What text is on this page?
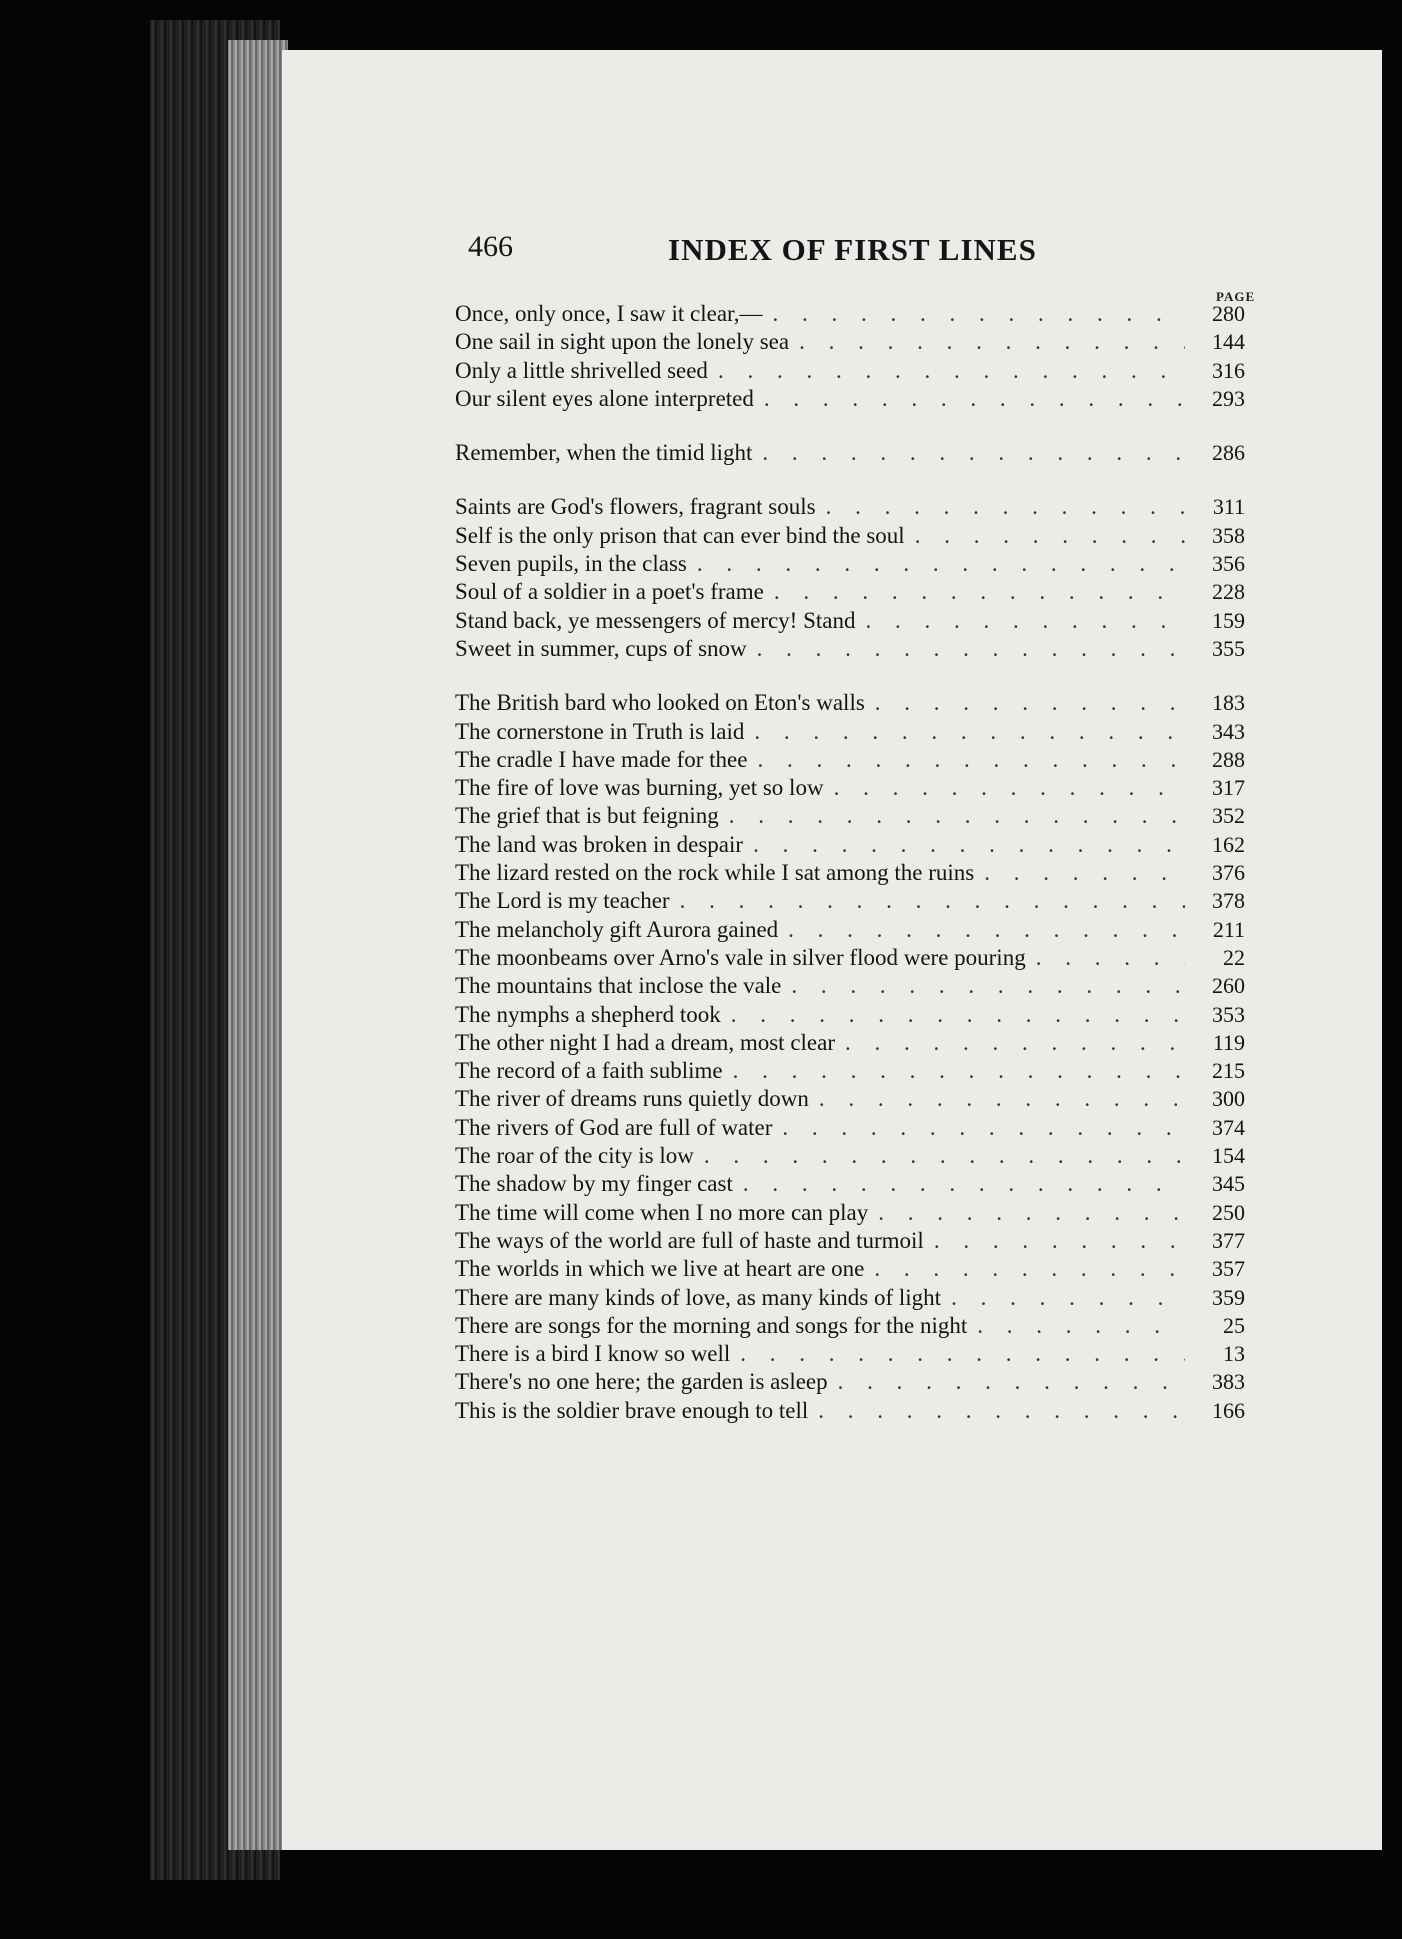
466	INDEX OF FIRST LINES
PAGE
Once, only once, I saw it clear,— . . .	280
One sail in sight upon the lonely sea . . .	144
Only a little shrivelled seed . . .	316
Our silent eyes alone interpreted . . .	293
Remember, when the timid light . . .	286
Saints are God's flowers, fragrant souls . . .	311
Self is the only prison that can ever bind the soul . . .	358
Seven pupils, in the class . . .	356
Soul of a soldier in a poet's frame . . .	228
Stand back, ye messengers of mercy! Stand . . .	159
Sweet in summer, cups of snow . . .	355
The British bard who looked on Eton's walls . . .	183
The cornerstone in Truth is laid . . .	343
The cradle I have made for thee . . .	288
The fire of love was burning, yet so low . . .	317
The grief that is but feigning . . .	352
The land was broken in despair . . .	162
The lizard rested on the rock while I sat among the ruins . . .	376
The Lord is my teacher . . .	378
The melancholy gift Aurora gained . . .	211
The moonbeams over Arno's vale in silver flood were pouring . . .	22
The mountains that inclose the vale . . .	260
The nymphs a shepherd took . . .	353
The other night I had a dream, most clear . . .	119
The record of a faith sublime . . .	215
The river of dreams runs quietly down . . .	300
The rivers of God are full of water . . .	374
The roar of the city is low . . .	154
The shadow by my finger cast . . .	345
The time will come when I no more can play . . .	250
The ways of the world are full of haste and turmoil . . .	377
The worlds in which we live at heart are one . . .	357
There are many kinds of love, as many kinds of light . . .	359
There are songs for the morning and songs for the night . . .	25
There is a bird I know so well . . .	13
There's no one here; the garden is asleep . . .	383
This is the soldier brave enough to tell . . .	166
